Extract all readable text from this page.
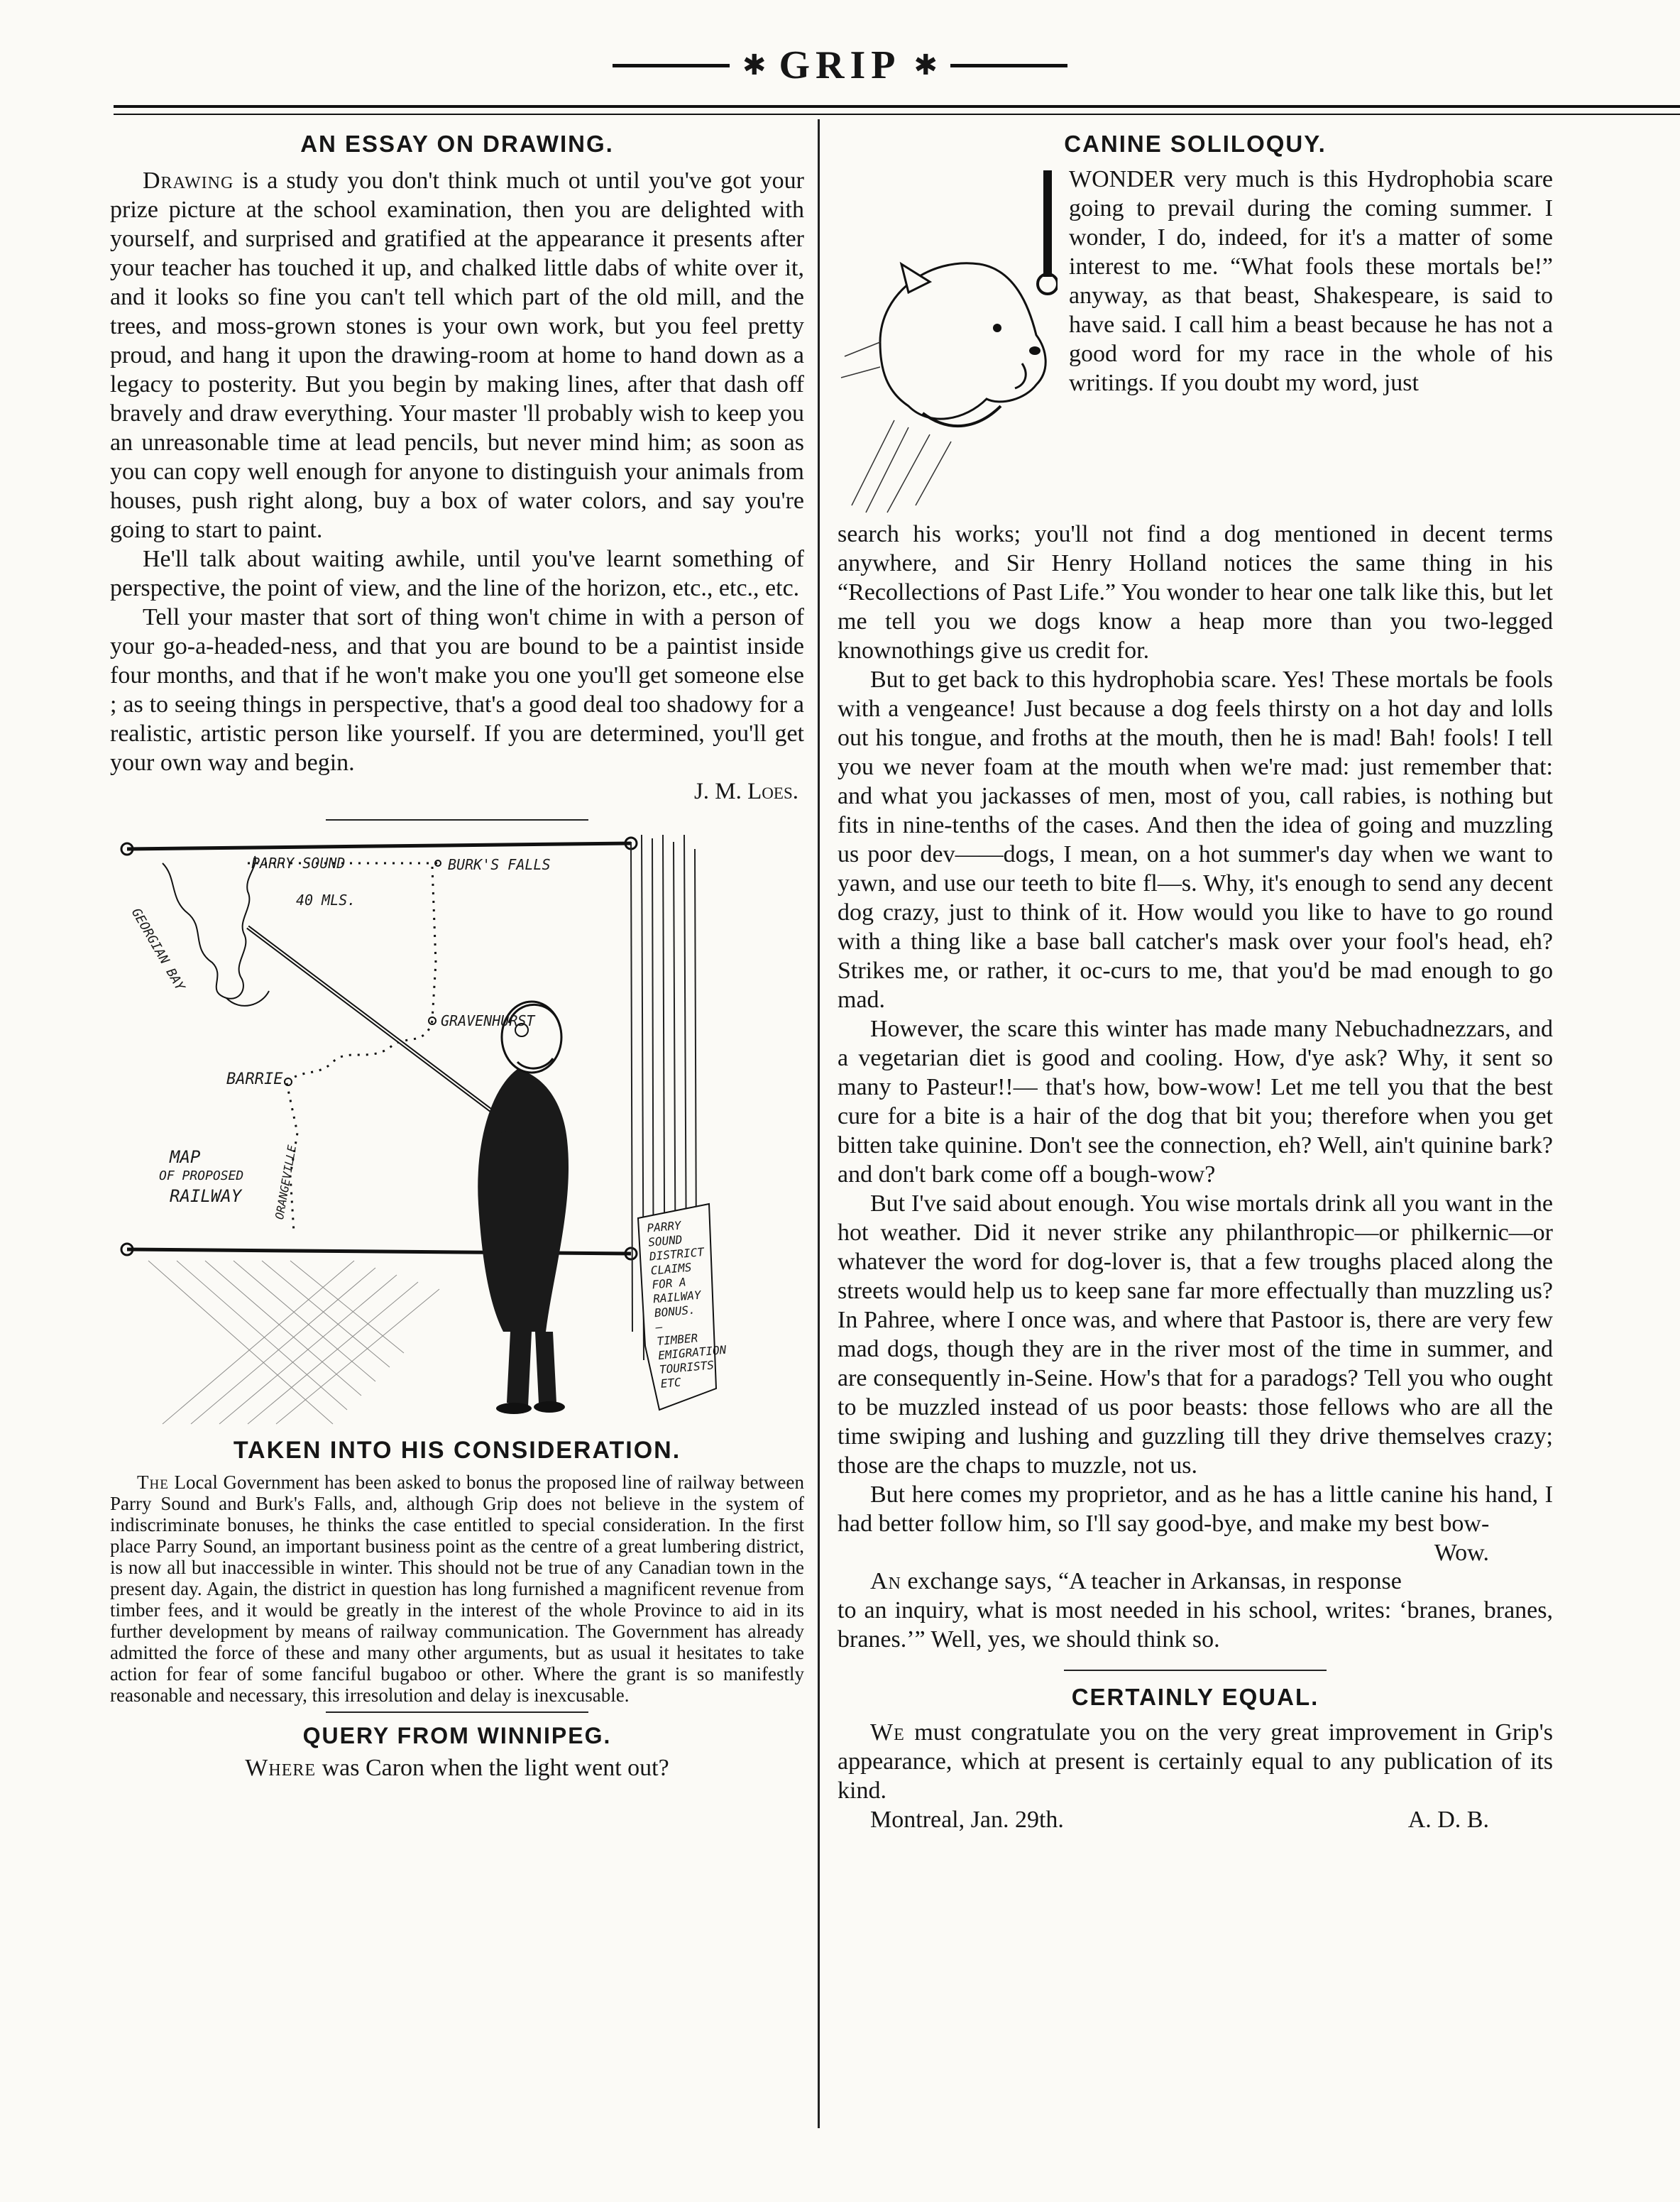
✱ GRIP ✱
AN ESSAY ON DRAWING.

Drawing is a study you don't think much ot until you've got your prize picture at the school examination, then you are delighted with yourself, and surprised and gratified at the appearance it presents after your teacher has touched it up, and chalked little dabs of white over it, and it looks so fine you can't tell which part of the old mill, and the trees, and moss-grown stones is your own work, but you feel pretty proud, and hang it upon the drawing-room at home to hand down as a legacy to posterity. But you begin by making lines, after that dash off bravely and draw everything. Your master 'll probably wish to keep you an unreasonable time at lead pencils, but never mind him; as soon as you can copy well enough for anyone to distinguish your animals from houses, push right along, buy a box of water colors, and say you're going to start to paint.

He'll talk about waiting awhile, until you've learnt something of perspective, the point of view, and the line of the horizon, etc., etc., etc.

Tell your master that sort of thing won't chime in with a person of your go-a-headed-ness, and that you are bound to be a paintist inside four months, and that if he won't make you one you'll get someone else ; as to seeing things in perspective, that's a good deal too shadowy for a realistic, artistic person like yourself. If you are determined, you'll get your own way and begin.

J. M. Loes.
PARRY SOUND	BURK'S FALLS
40 MLS.
GEORGIAN BAY
GRAVENHURST
BARRIE
MAP
OF PROPOSED
RAILWAY	ORANGEVILLE
PARRY
SOUND
DISTRICT
CLAIMS
FOR A
RAILWAY
BONUS.
—
TIMBER
EMIGRATION
TOURISTS
ETC
TAKEN INTO HIS CONSIDERATION.

The Local Government has been asked to bonus the proposed line of railway between Parry Sound and Burk's Falls, and, although Grip does not believe in the system of indiscriminate bonuses, he thinks the case entitled to special consideration. In the first place Parry Sound, an important business point as the centre of a great lumbering district, is now all but inaccessible in winter. This should not be true of any Canadian town in the present day. Again, the district in question has long furnished a magnificent revenue from timber fees, and it would be greatly in the interest of the whole Province to aid in its further development by means of railway communication. The Government has already admitted the force of these and many other arguments, but as usual it hesitates to take action for fear of some fanciful bugaboo or other. Where the grant is so manifestly reasonable and necessary, this irresolution and delay is inexcusable.

QUERY FROM WINNIPEG.

Where was Caron when the light went out?

CANINE SOLILOQUY.

WONDER very much is this Hydrophobia scare going to prevail during the coming summer. I wonder, I do, indeed, for it's a matter of some interest to me. “What fools these mortals be!” anyway, as that beast, Shakespeare, is said to have said. I call him a beast because he has not a good word for my race in the whole of his writings. If you doubt my word, just

search his works; you'll not find a dog mentioned in decent terms anywhere, and Sir Henry Holland notices the same thing in his “Recollections of Past Life.” You wonder to hear one talk like this, but let me tell you we dogs know a heap more than you two-legged knownothings give us credit for.

But to get back to this hydrophobia scare. Yes! These mortals be fools with a vengeance! Just because a dog feels thirsty on a hot day and lolls out his tongue, and froths at the mouth, then he is mad! Bah! fools! I tell you we never foam at the mouth when we're mad: just remember that: and what you jackasses of men, most of you, call rabies, is nothing but fits in nine-tenths of the cases. And then the idea of going and muzzling us poor dev——dogs, I mean, on a hot summer's day when we want to yawn, and use our teeth to bite fl—s. Why, it's enough to send any decent dog crazy, just to think of it. How would you like to have to go round with a thing like a base ball catcher's mask over your fool's head, eh? Strikes me, or rather, it oc-curs to me, that you'd be mad enough to go mad.

However, the scare this winter has made many Nebuchadnezzars, and a vegetarian diet is good and cooling. How, d'ye ask? Why, it sent so many to Pasteur!!— that's how, bow-wow! Let me tell you that the best cure for a bite is a hair of the dog that bit you; therefore when you get bitten take quinine. Don't see the connection, eh? Well, ain't quinine bark? and don't bark come off a bough-wow?

But I've said about enough. You wise mortals drink all you want in the hot weather. Did it never strike any philanthropic—or philkernic—or whatever the word for dog-lover is, that a few troughs placed along the streets would help us to keep sane far more effectually than muzzling us? In Pahree, where I once was, and where that Pastoor is, there are very few mad dogs, though they are in the river most of the time in summer, and are consequently in-Seine. How's that for a paradogs? Tell you who ought to be muzzled instead of us poor beasts: those fellows who are all the time swiping and lushing and guzzling till they drive themselves crazy; those are the chaps to muzzle, not us.

But here comes my proprietor, and as he has a little canine his hand, I had better follow him, so I'll say good-bye, and make my best bow-
Wow.

An exchange says, “A teacher in Arkansas, in response to an inquiry, what is most needed in his school, writes: ‘branes, branes, branes.’” Well, yes, we should think so.

CERTAINLY EQUAL.

We must congratulate you on the very great improvement in Grip's appearance, which at present is certainly equal to any publication of its kind.

Montreal, Jan. 29th.	A. D. B.
